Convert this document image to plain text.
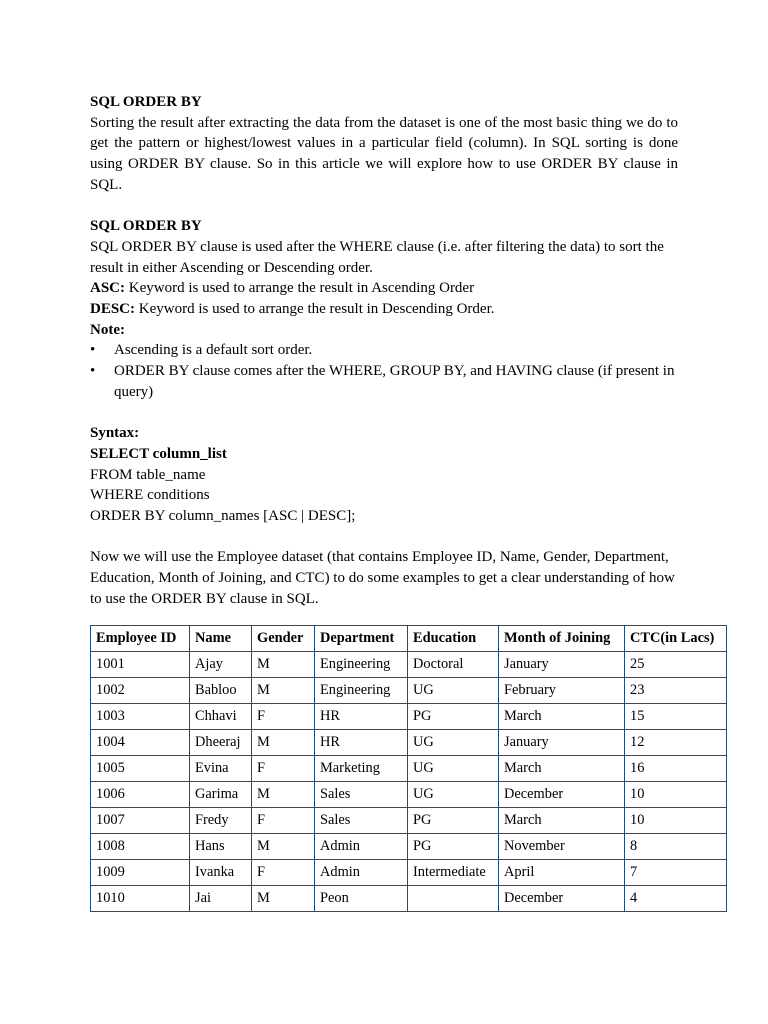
SQL ORDER BY

Sorting the result after extracting the data from the dataset is one of the most basic thing we do to get the pattern or highest/lowest values in a particular field (column). In SQL sorting is done using ORDER BY clause. So in this article we will explore how to use ORDER BY clause in SQL.

SQL ORDER BY

SQL ORDER BY clause is used after the WHERE clause (i.e. after filtering the data) to sort the result in either Ascending or Descending order.

ASC: Keyword is used to arrange the result in Ascending Order

DESC: Keyword is used to arrange the result in Descending Order.

Note:

•	Ascending is a default sort order.
•	ORDER BY clause comes after the WHERE, GROUP BY, and HAVING clause (if present in query)

Syntax:

SELECT column_list

FROM table_name

WHERE conditions

ORDER BY column_names [ASC | DESC];

Now we will use the Employee dataset (that contains Employee ID, Name, Gender, Department, Education, Month of Joining, and CTC) to do some examples to get a clear understanding of how to use the ORDER BY clause in SQL.

Employee ID	Name	Gender	Department	Education	Month of Joining	CTC(in Lacs)
1001	Ajay	M	Engineering	Doctoral	January	25
1002	Babloo	M	Engineering	UG	February	23
1003	Chhavi	F	HR	PG	March	15
1004	Dheeraj	M	HR	UG	January	12
1005	Evina	F	Marketing	UG	March	16
1006	Garima	M	Sales	UG	December	10
1007	Fredy	F	Sales	PG	March	10
1008	Hans	M	Admin	PG	November	8
1009	Ivanka	F	Admin	Intermediate	April	7
1010	Jai	M	Peon		December	4
